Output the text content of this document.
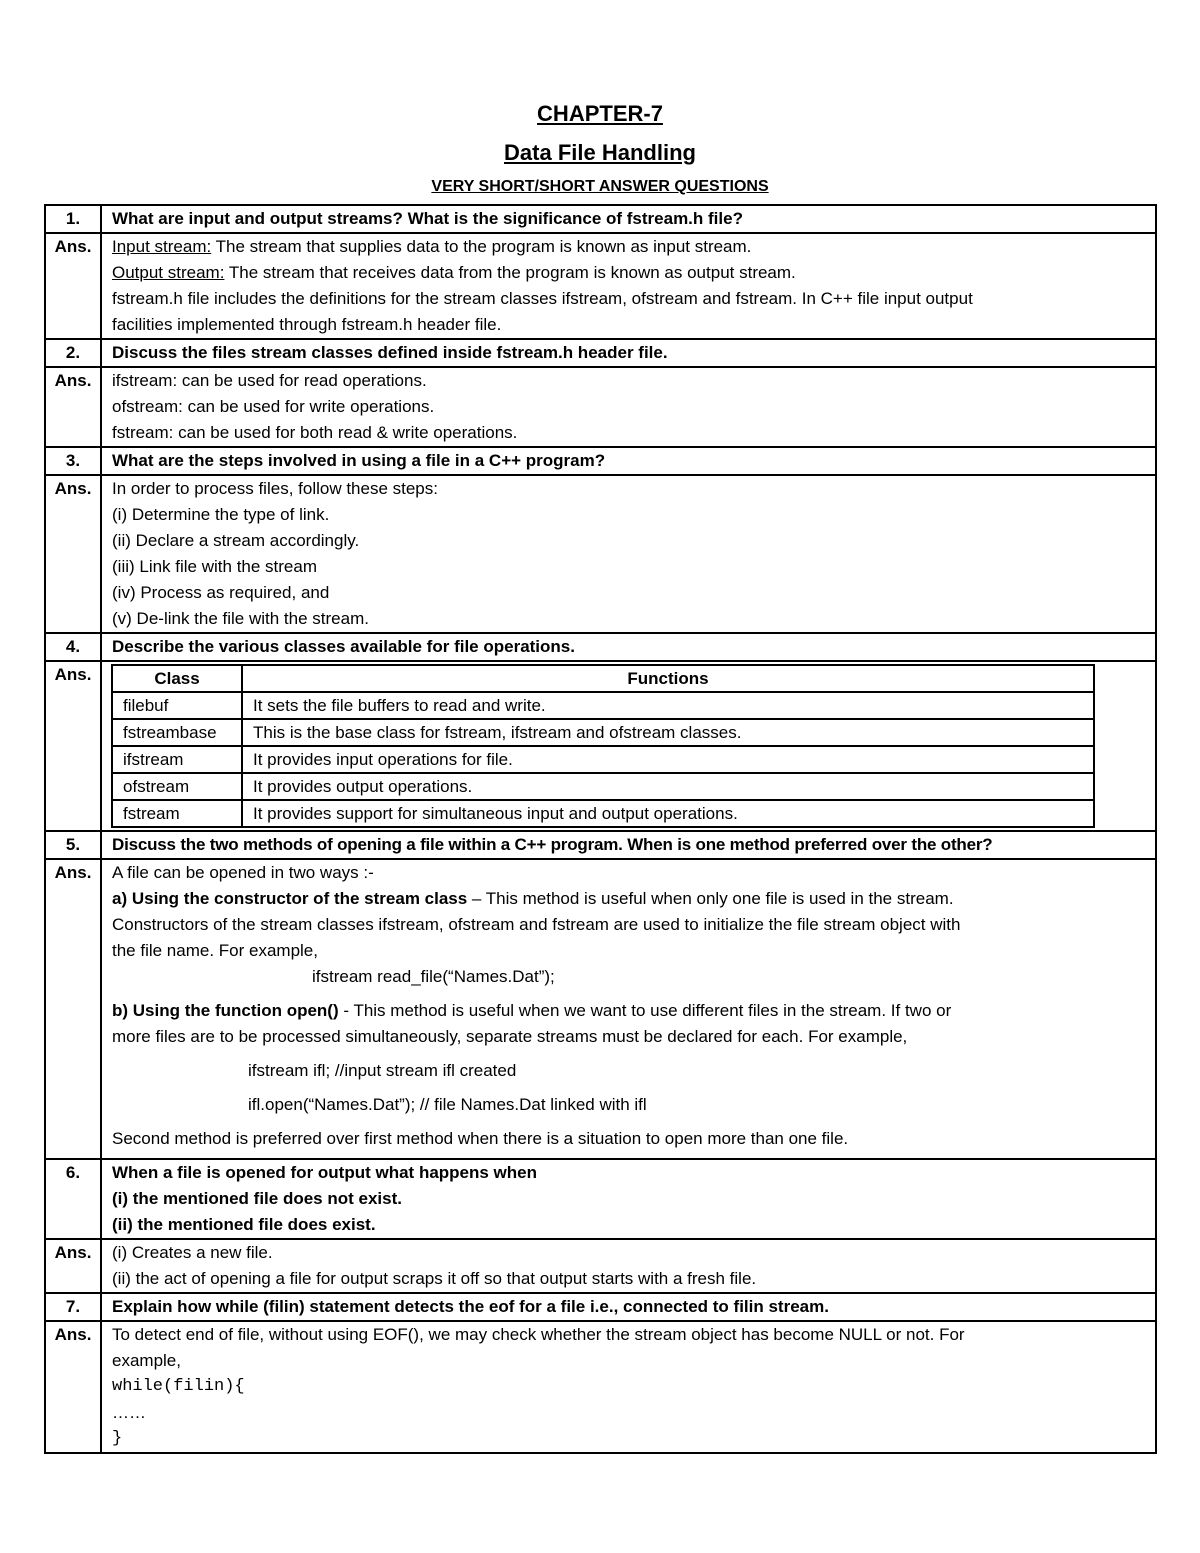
CHAPTER-7
Data File Handling
VERY SHORT/SHORT ANSWER QUESTIONS
1.	What are input and output streams? What is the significance of fstream.h file?
Ans.	Input stream: The stream that supplies data to the program is known as input stream.
Output stream: The stream that receives data from the program is known as output stream.
fstream.h file includes the definitions for the stream classes ifstream, ofstream and fstream. In C++ file input output
facilities implemented through fstream.h header file.

2.	Discuss the files stream classes defined inside fstream.h header file.
Ans.	ifstream: can be used for read operations.
ofstream: can be used for write operations.
fstream: can be used for both read & write operations.

3.	What are the steps involved in using a file in a C++ program?
Ans.	In order to process files, follow these steps:
(i) Determine the type of link.
(ii) Declare a stream accordingly.
(iii) Link file with the stream
(iv) Process as required, and
(v) De-link the file with the stream.

4.	Describe the various classes available for file operations.
Ans.		Class	Functions
filebuf	It sets the file buffers to read and write.
fstreambase	This is the base class for fstream, ifstream and ofstream classes.
ifstream	It provides input operations for file.
ofstream	It provides output operations.
fstream	It provides support for simultaneous input and output operations.

5.	Discuss the two methods of opening a file within a C++ program. When is one method preferred over the other?
Ans.	A file can be opened in two ways :-
a) Using the constructor of the stream class – This method is useful when only one file is used in the stream.
Constructors of the stream classes ifstream, ofstream and fstream are used to initialize the file stream object with
the file name. For example,
ifstream read_file(“Names.Dat”);
b) Using the function open() - This method is useful when we want to use different files in the stream. If two or
more files are to be processed simultaneously, separate streams must be declared for each. For example,
ifstream ifl; //input stream ifl created
ifl.open(“Names.Dat”); // file Names.Dat linked with ifl
Second method is preferred over first method when there is a situation to open more than one file.

6.	When a file is opened for output what happens when
(i) the mentioned file does not exist.
(ii) the mentioned file does exist.

Ans.	(i) Creates a new file.
(ii) the act of opening a file for output scraps it off so that output starts with a fresh file.

7.	Explain how while (filin) statement detects the eof for a file i.e., connected to filin stream.
Ans.	To detect end of file, without using EOF(), we may check whether the stream object has become NULL or not. For
example,
while(filin){
……
}
